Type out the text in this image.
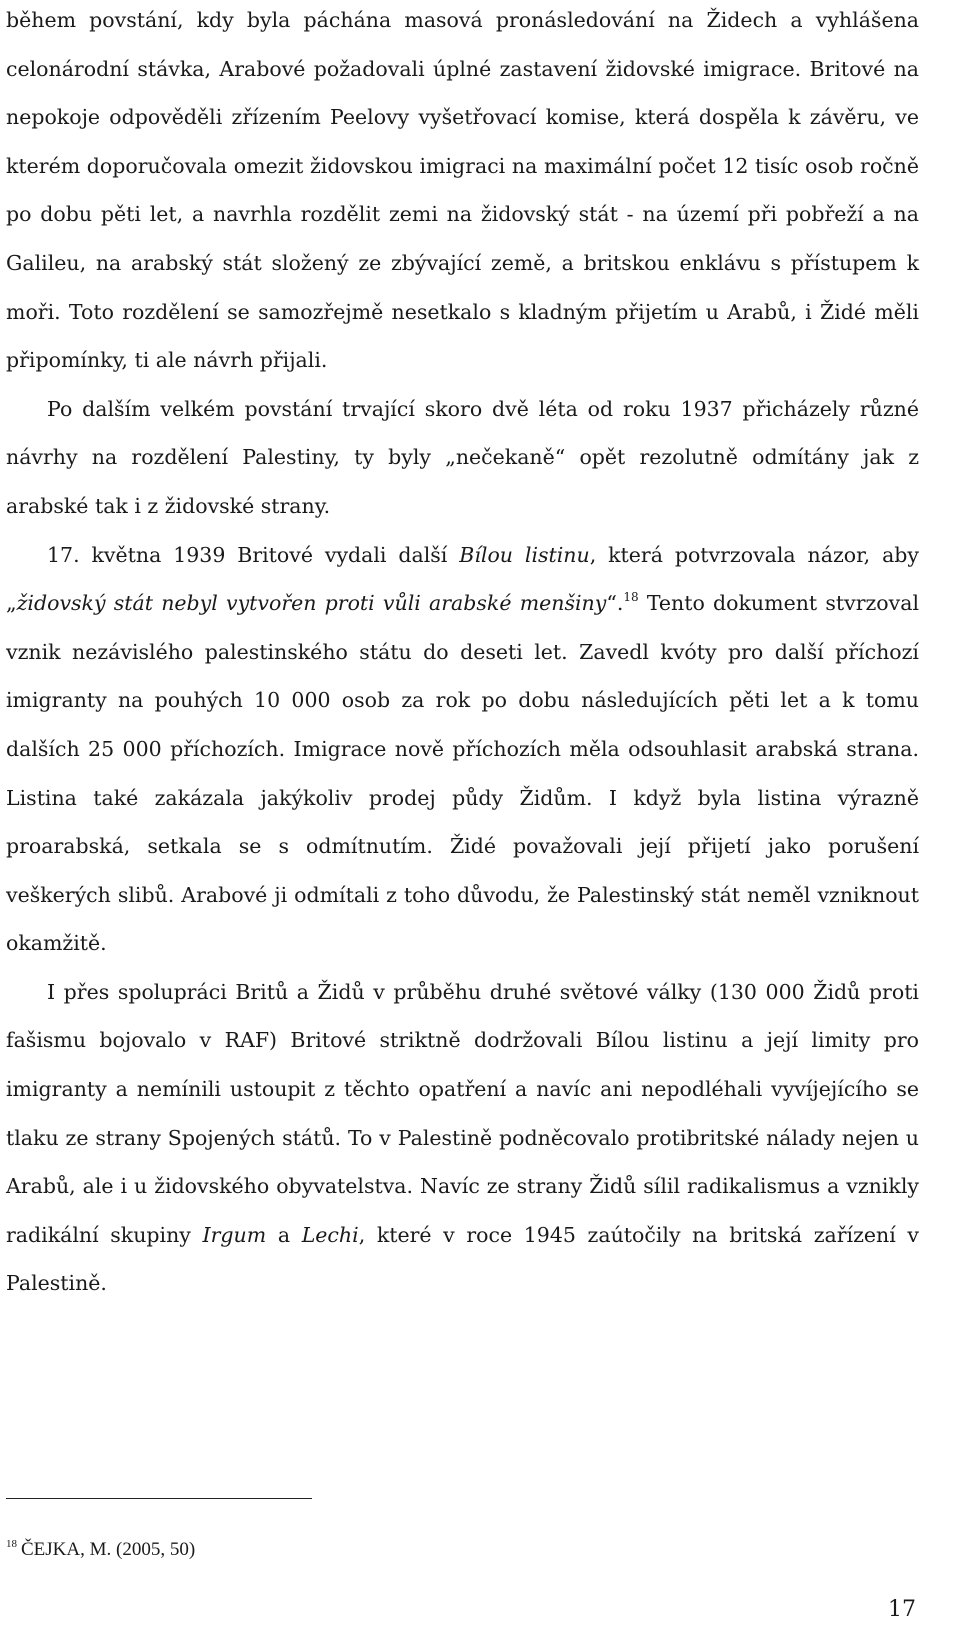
během povstání, kdy byla páchána masová pronásledování na Židech a vyhlášena celonárodní stávka, Arabové požadovali úplné zastavení židovské imigrace. Britové na nepokoje odpověděli zřízením Peelovy vyšetřovací komise, která dospěla k závěru, ve kterém doporučovala omezit židovskou imigraci na maximální počet 12 tisíc osob ročně po dobu pěti let, a navrhla rozdělit zemi na židovský stát - na území při pobřeží a na Galileu, na arabský stát složený ze zbývající země, a britskou enklávu s přístupem k moři. Toto rozdělení se samozřejmě nesetkalo s kladným přijetím u Arabů, i Židé měli připomínky, ti ale návrh přijali.

Po dalším velkém povstání trvající skoro dvě léta od roku 1937 přicházely různé návrhy na rozdělení Palestiny, ty byly „nečekaně“ opět rezolutně odmítány jak z arabské tak i z židovské strany.

17. května 1939 Britové vydali další Bílou listinu, která potvrzovala názor, aby „židovský stát nebyl vytvořen proti vůli arabské menšiny“.$^{18}$ Tento dokument stvrzoval vznik nezávislého palestinského státu do deseti let. Zavedl kvóty pro další příchozí imigranty na pouhých 10 000 osob za rok po dobu následujících pěti let a k tomu dalších 25 000 příchozích. Imigrace nově příchozích měla odsouhlasit arabská strana. Listina také zakázala jakýkoliv prodej půdy Židům. I když byla listina výrazně proarabská, setkala se s odmítnutím. Židé považovali její přijetí jako porušení veškerých slibů. Arabové ji odmítali z toho důvodu, že Palestinský stát neměl vzniknout okamžitě.

I přes spolupráci Britů a Židů v průběhu druhé světové války (130 000 Židů proti fašismu bojovalo v RAF) Britové striktně dodržovali Bílou listinu a její limity pro imigranty a nemínili ustoupit z těchto opatření a navíc ani nepodléhali vyvíjejícího se tlaku ze strany Spojených států. To v Palestině podněcovalo protibritské nálady nejen u Arabů, ale i u židovského obyvatelstva. Navíc ze strany Židů sílil radikalismus a vznikly radikální skupiny Irgum a Lechi, které v roce 1945 zaútočily na britská zařízení v Palestině.

$^{18}$ ČEJKA, M. (2005, 50)

17
